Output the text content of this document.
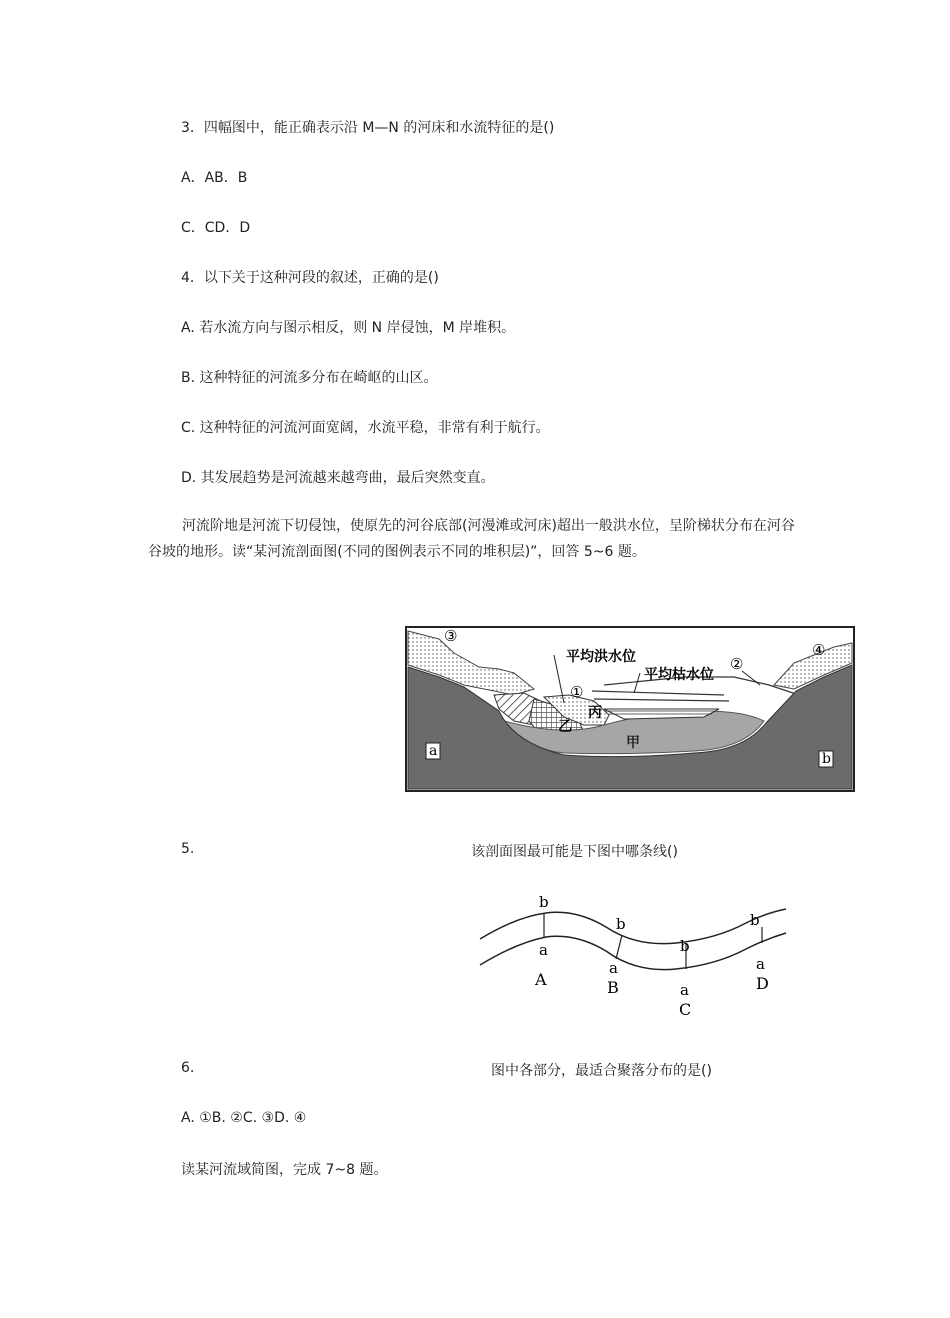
3．四幅图中，能正确表示沿 M—N 的河床和水流特征的是()
A．AB．B
C．CD．D
4．以下关于这种河段的叙述，正确的是()
A. 若水流方向与图示相反，则 N 岸侵蚀，M 岸堆积。
B. 这种特征的河流多分布在崎岖的山区。
C. 这种特征的河流河面宽阔，水流平稳，非常有利于航行。
D. 其发展趋势是河流越来越弯曲，最后突然变直。
河流阶地是河流下切侵蚀，使原先的河谷底部(河漫滩或河床)超出一般洪水位，呈阶梯状分布在河谷谷坡的地形。读“某河流剖面图(不同的图例表示不同的堆积层)”，回答 5~6 题。
平均洪水位
平均枯水位
③
②
④
①
丙
乙
甲
a	b
5.	该剖面图最可能是下图中哪条线()
b
a
A
b
a
B
b
a
C
b
a
D
6.	图中各部分，最适合聚落分布的是()
A. ①B. ②C. ③D. ④
读某河流域简图，完成 7~8 题。
